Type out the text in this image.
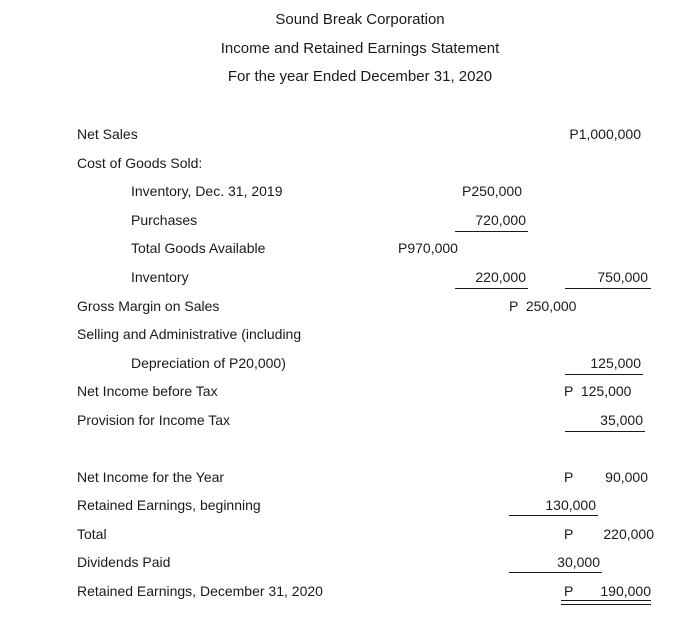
Sound Break Corporation
Income and Retained Earnings Statement
For the year Ended December 31, 2020
Net Sales	P1,000,000
Cost of Goods Sold:
Inventory, Dec. 31, 2019	P250,000
Purchases	720,000
Total Goods Available	P970,000
Inventory	220,000	750,000
Gross Margin on Sales	P  250,000
Selling and Administrative (including
Depreciation of P20,000)	125,000
Net Income before Tax	P  125,000
Provision for Income Tax	35,000
Net Income for the Year	P	90,000
Retained Earnings, beginning	130,000
Total	P	220,000
Dividends Paid	30,000
Retained Earnings, December 31, 2020	P	190,000
